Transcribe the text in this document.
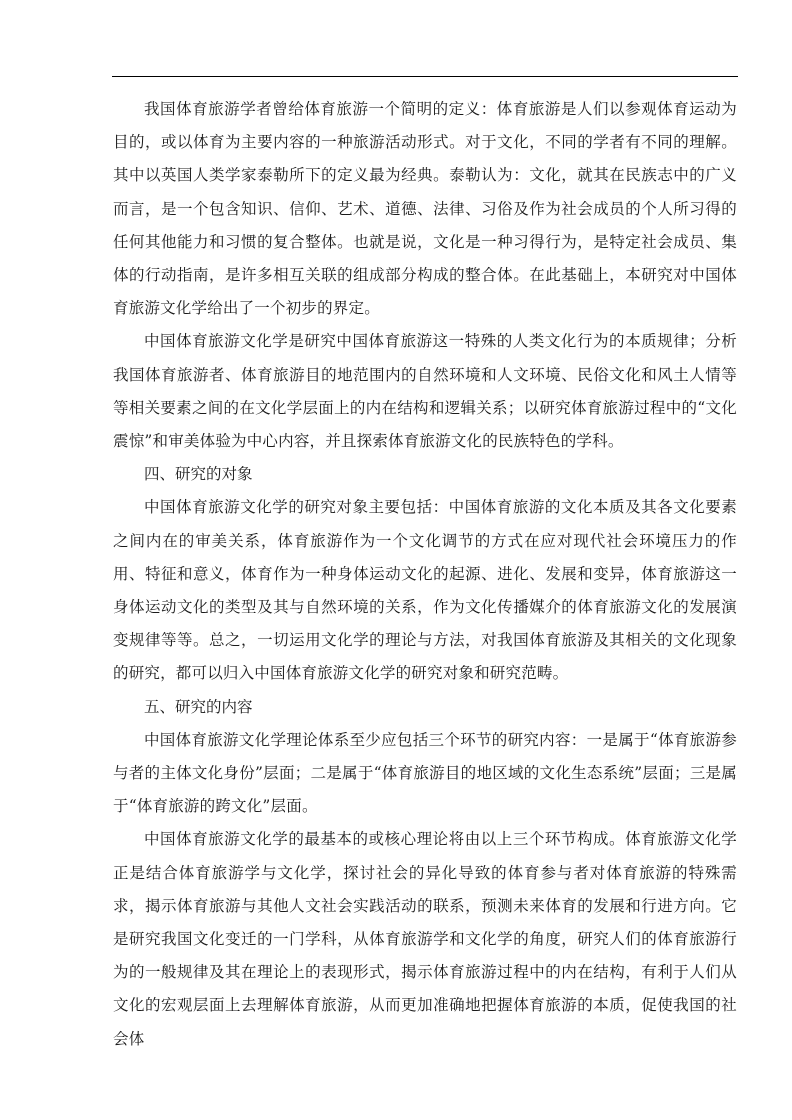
我国体育旅游学者曾给体育旅游一个简明的定义：体育旅游是人们以参观体育运动为目的，或以体育为主要内容的一种旅游活动形式。对于文化，不同的学者有不同的理解。其中以英国人类学家泰勒所下的定义最为经典。泰勒认为：文化，就其在民族志中的广义而言，是一个包含知识、信仰、艺术、道德、法律、习俗及作为社会成员的个人所习得的任何其他能力和习惯的复合整体。也就是说，文化是一种习得行为，是特定社会成员、集体的行动指南，是许多相互关联的组成部分构成的整合体。在此基础上，本研究对中国体育旅游文化学给出了一个初步的界定。

中国体育旅游文化学是研究中国体育旅游这一特殊的人类文化行为的本质规律；分析我国体育旅游者、体育旅游目的地范围内的自然环境和人文环境、民俗文化和风土人情等等相关要素之间的在文化学层面上的内在结构和逻辑关系；以研究体育旅游过程中的“文化震惊”和审美体验为中心内容，并且探索体育旅游文化的民族特色的学科。

四、研究的对象

中国体育旅游文化学的研究对象主要包括：中国体育旅游的文化本质及其各文化要素之间内在的审美关系，体育旅游作为一个文化调节的方式在应对现代社会环境压力的作用、特征和意义，体育作为一种身体运动文化的起源、进化、发展和变异，体育旅游这一身体运动文化的类型及其与自然环境的关系，作为文化传播媒介的体育旅游文化的发展演变规律等等。总之，一切运用文化学的理论与方法，对我国体育旅游及其相关的文化现象的研究，都可以归入中国体育旅游文化学的研究对象和研究范畴。

五、研究的内容

中国体育旅游文化学理论体系至少应包括三个环节的研究内容：一是属于“体育旅游参与者的主体文化身份”层面；二是属于“体育旅游目的地区域的文化生态系统”层面；三是属于“体育旅游的跨文化”层面。

中国体育旅游文化学的最基本的或核心理论将由以上三个环节构成。体育旅游文化学正是结合体育旅游学与文化学，探讨社会的异化导致的体育参与者对体育旅游的特殊需求，揭示体育旅游与其他人文社会实践活动的联系，预测未来体育的发展和行进方向。它是研究我国文化变迁的一门学科，从体育旅游学和文化学的角度，研究人们的体育旅游行为的一般规律及其在理论上的表现形式，揭示体育旅游过程中的内在结构，有利于人们从文化的宏观层面上去理解体育旅游，从而更加准确地把握体育旅游的本质，促使我国的社会体
